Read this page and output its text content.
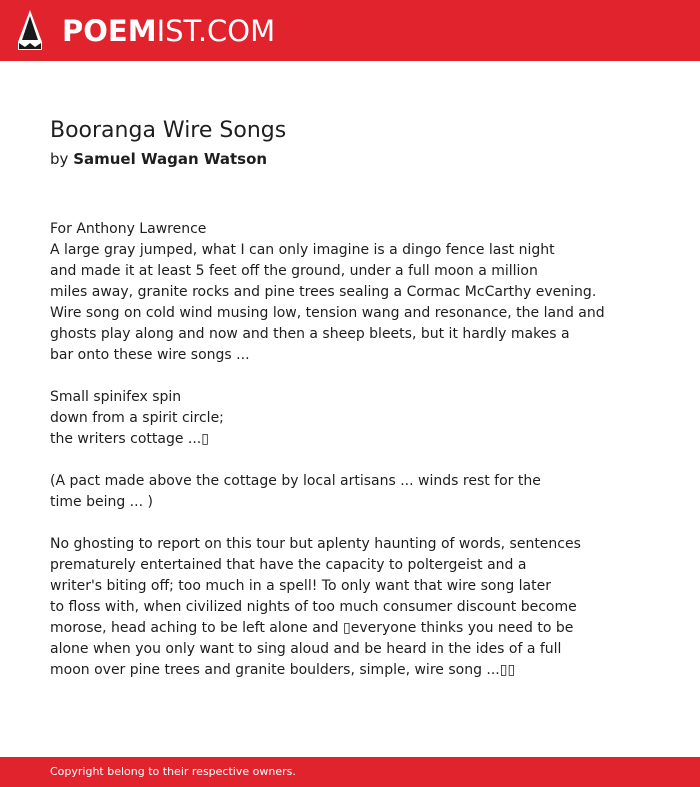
POEM IST.COM
Booranga Wire Songs
by Samuel Wagan Watson
For Anthony Lawrence
A large gray jumped, what I can only imagine is a dingo fence last night
and made it at least 5 feet off the ground, under a full moon a million
miles away, granite rocks and pine trees sealing a Cormac McCarthy evening.
Wire song on cold wind musing low, tension wang and resonance, the land and
ghosts play along and now and then a sheep bleets, but it hardly makes a
bar onto these wire songs ...
Small spinifex spin
down from a spirit circle;
the writers cottage ...▯
(A pact made above the cottage by local artisans ... winds rest for the
time being ... )
No ghosting to report on this tour but aplenty haunting of words, sentences
prematurely entertained that have the capacity to poltergeist and a
writer's biting off; too much in a spell! To only want that wire song later
to floss with, when civilized nights of too much consumer discount become
morose, head aching to be left alone and ▯everyone thinks you need to be
alone when you only want to sing aloud and be heard in the ides of a full
moon over pine trees and granite boulders, simple, wire song ...▯▯
Copyright belong to their respective owners.
